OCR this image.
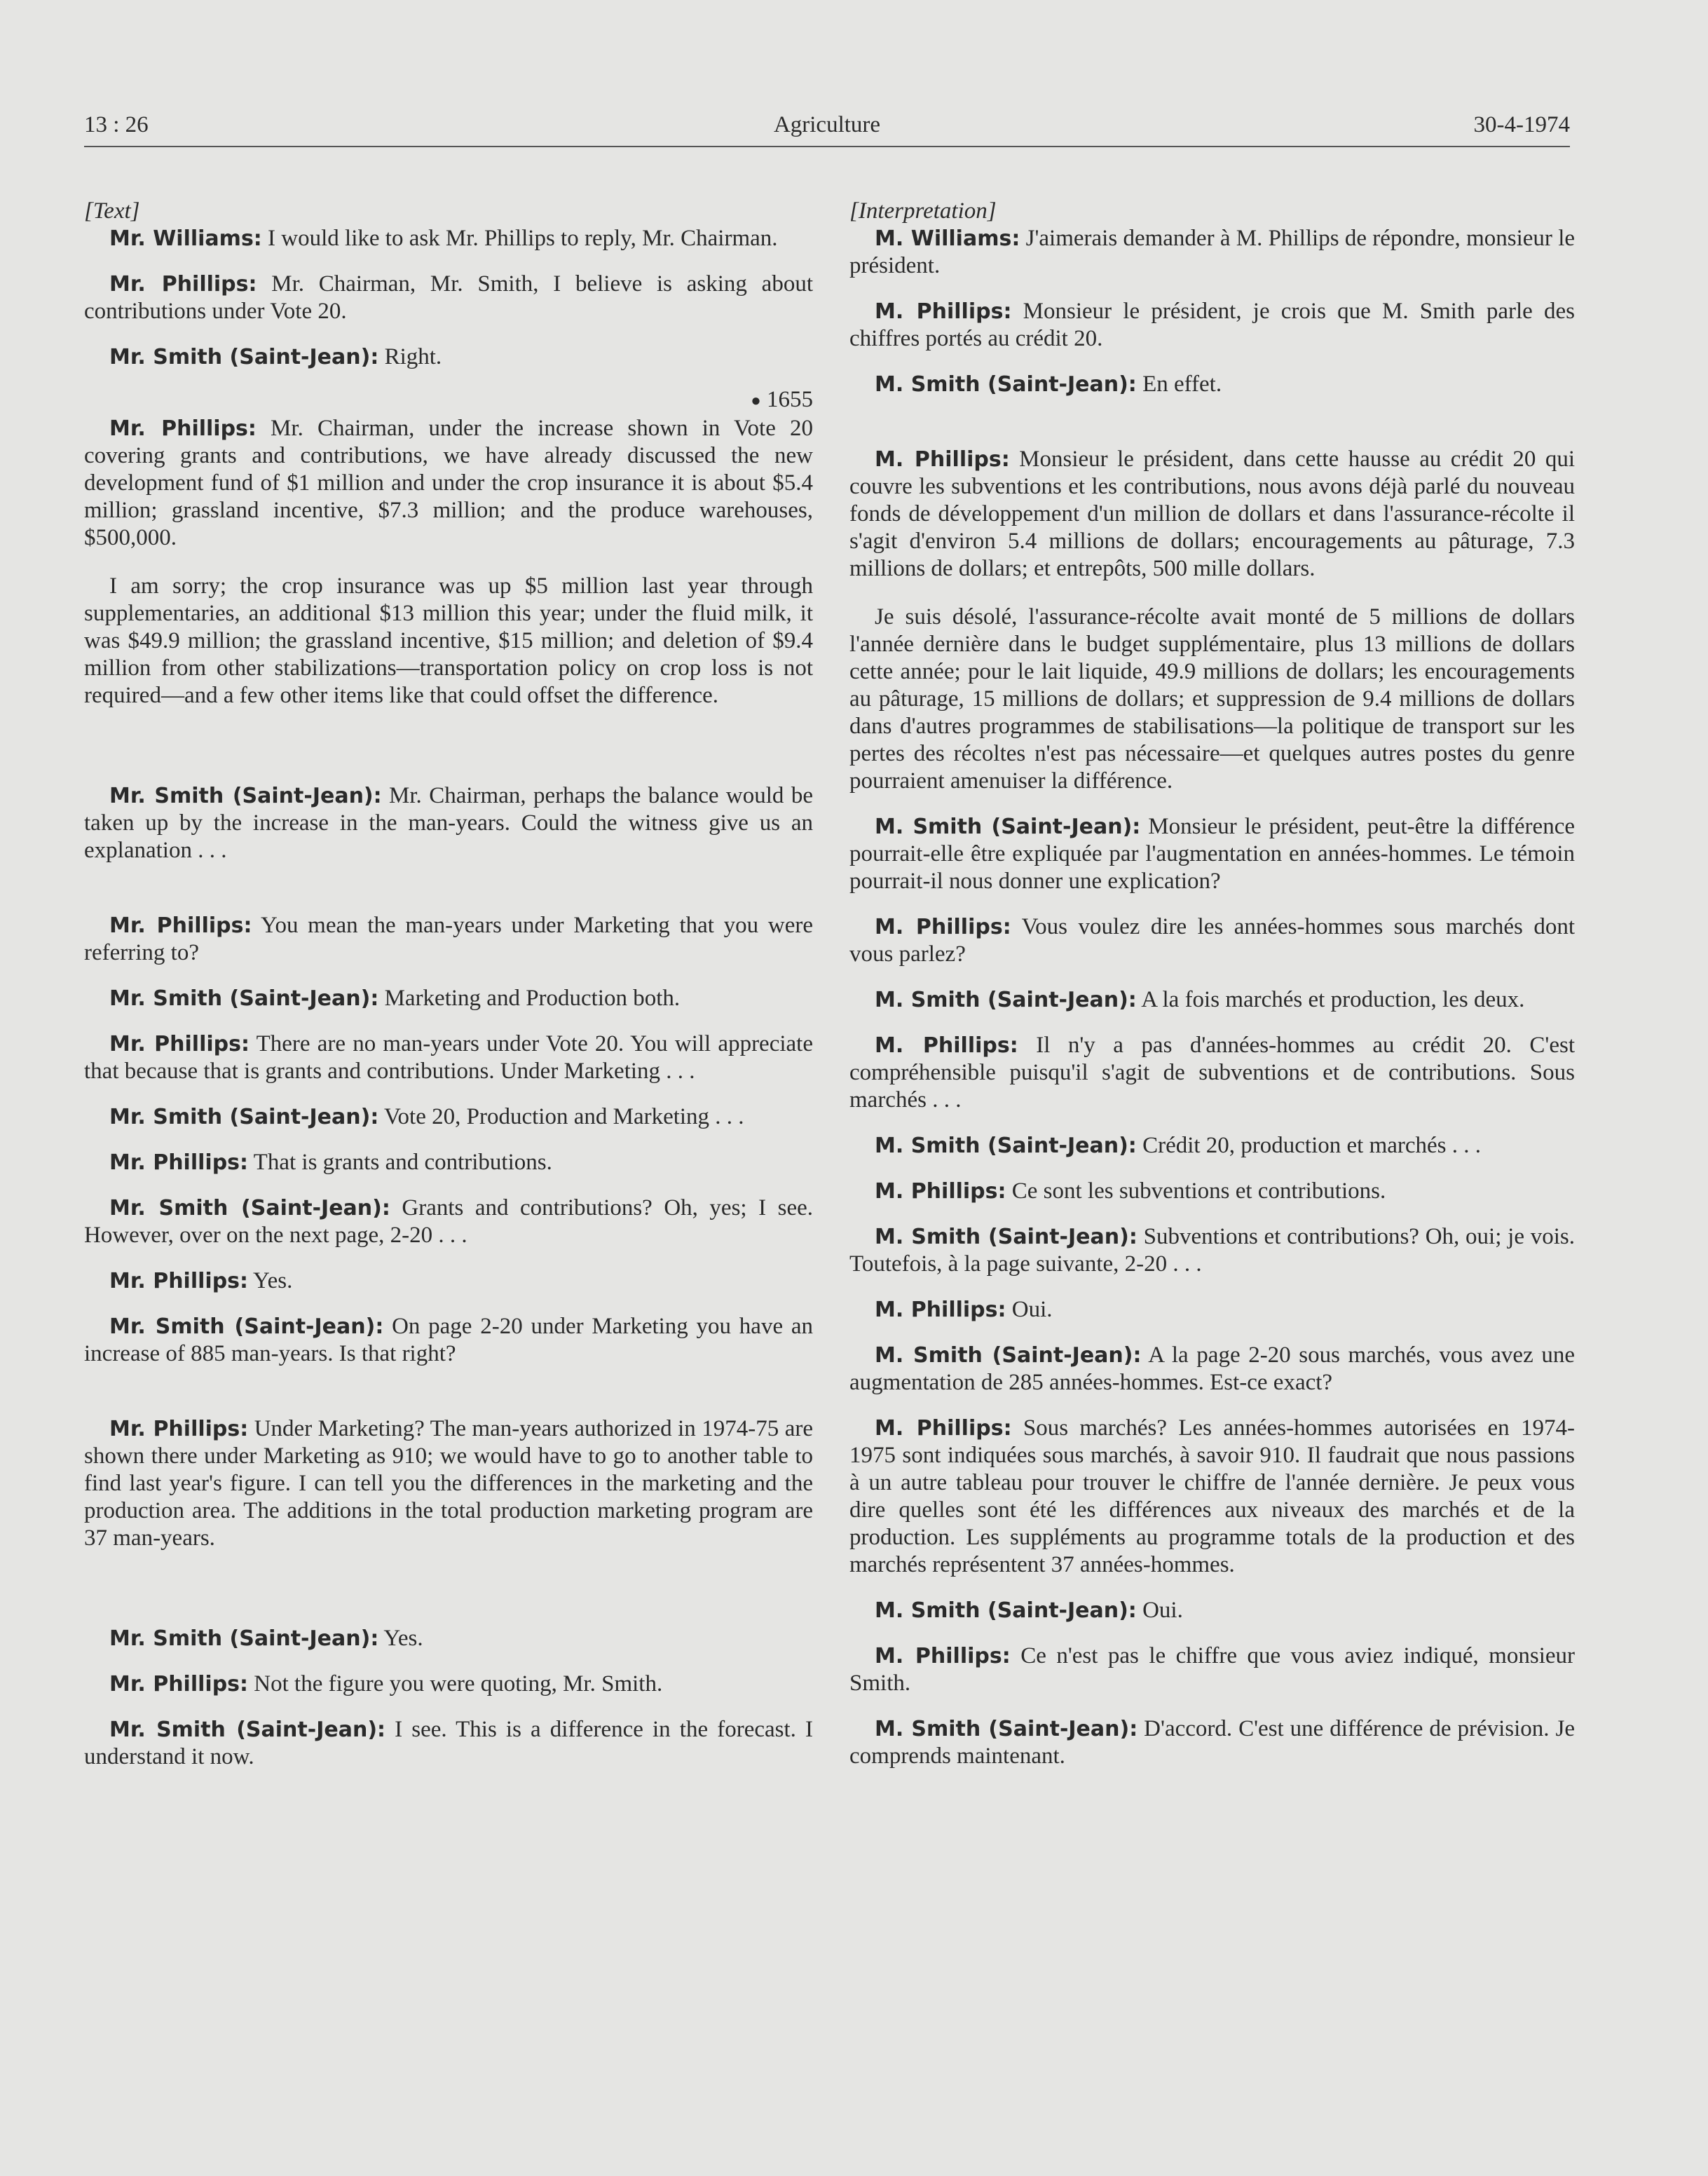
13 : 26	Agriculture	30-4-1974

[Text]

Mr. Williams: I would like to ask Mr. Phillips to reply, Mr. Chairman.

Mr. Phillips: Mr. Chairman, Mr. Smith, I believe is asking about contributions under Vote 20.

Mr. Smith (Saint-Jean): Right.

● 1655

Mr. Phillips: Mr. Chairman, under the increase shown in Vote 20 covering grants and contributions, we have already discussed the new development fund of $1 million and under the crop insurance it is about $5.4 million; grassland incentive, $7.3 million; and the produce warehouses, $500,000.

I am sorry; the crop insurance was up $5 million last year through supplementaries, an additional $13 million this year; under the fluid milk, it was $49.9 million; the grassland incentive, $15 million; and deletion of $9.4 million from other stabilizations—transportation policy on crop loss is not required—and a few other items like that could offset the difference.

Mr. Smith (Saint-Jean): Mr. Chairman, perhaps the balance would be taken up by the increase in the man-years. Could the witness give us an explanation . . .

Mr. Phillips: You mean the man-years under Marketing that you were referring to?

Mr. Smith (Saint-Jean): Marketing and Production both.

Mr. Phillips: There are no man-years under Vote 20. You will appreciate that because that is grants and contributions. Under Marketing . . .

Mr. Smith (Saint-Jean): Vote 20, Production and Marketing . . .

Mr. Phillips: That is grants and contributions.

Mr. Smith (Saint-Jean): Grants and contributions? Oh, yes; I see. However, over on the next page, 2-20 . . .

Mr. Phillips: Yes.

Mr. Smith (Saint-Jean): On page 2-20 under Marketing you have an increase of 885 man-years. Is that right?

Mr. Phillips: Under Marketing? The man-years authorized in 1974-75 are shown there under Marketing as 910; we would have to go to another table to find last year's figure. I can tell you the differences in the marketing and the production area. The additions in the total production marketing program are 37 man-years.

Mr. Smith (Saint-Jean): Yes.

Mr. Phillips: Not the figure you were quoting, Mr. Smith.

Mr. Smith (Saint-Jean): I see. This is a difference in the forecast. I understand it now.

[Interpretation]

M. Williams: J'aimerais demander à M. Phillips de répondre, monsieur le président.

M. Phillips: Monsieur le président, je crois que M. Smith parle des chiffres portés au crédit 20.

M. Smith (Saint-Jean): En effet.

M. Phillips: Monsieur le président, dans cette hausse au crédit 20 qui couvre les subventions et les contributions, nous avons déjà parlé du nouveau fonds de développement d'un million de dollars et dans l'assurance-récolte il s'agit d'environ 5.4 millions de dollars; encouragements au pâturage, 7.3 millions de dollars; et entrepôts, 500 mille dollars.

Je suis désolé, l'assurance-récolte avait monté de 5 millions de dollars l'année dernière dans le budget supplémentaire, plus 13 millions de dollars cette année; pour le lait liquide, 49.9 millions de dollars; les encouragements au pâturage, 15 millions de dollars; et suppression de 9.4 millions de dollars dans d'autres programmes de stabilisations—la politique de transport sur les pertes des récoltes n'est pas nécessaire—et quelques autres postes du genre pourraient amenuiser la différence.

M. Smith (Saint-Jean): Monsieur le président, peut-être la différence pourrait-elle être expliquée par l'augmentation en années-hommes. Le témoin pourrait-il nous donner une explication?

M. Phillips: Vous voulez dire les années-hommes sous marchés dont vous parlez?

M. Smith (Saint-Jean): A la fois marchés et production, les deux.

M. Phillips: Il n'y a pas d'années-hommes au crédit 20. C'est compréhensible puisqu'il s'agit de subventions et de contributions. Sous marchés . . .

M. Smith (Saint-Jean): Crédit 20, production et marchés . . .

M. Phillips: Ce sont les subventions et contributions.

M. Smith (Saint-Jean): Subventions et contributions? Oh, oui; je vois. Toutefois, à la page suivante, 2-20 . . .

M. Phillips: Oui.

M. Smith (Saint-Jean): A la page 2-20 sous marchés, vous avez une augmentation de 285 années-hommes. Est-ce exact?

M. Phillips: Sous marchés? Les années-hommes autorisées en 1974-1975 sont indiquées sous marchés, à savoir 910. Il faudrait que nous passions à un autre tableau pour trouver le chiffre de l'année dernière. Je peux vous dire quelles sont été les différences aux niveaux des marchés et de la production. Les suppléments au programme totals de la production et des marchés représentent 37 années-hommes.

M. Smith (Saint-Jean): Oui.

M. Phillips: Ce n'est pas le chiffre que vous aviez indiqué, monsieur Smith.

M. Smith (Saint-Jean): D'accord. C'est une différence de prévision. Je comprends maintenant.
